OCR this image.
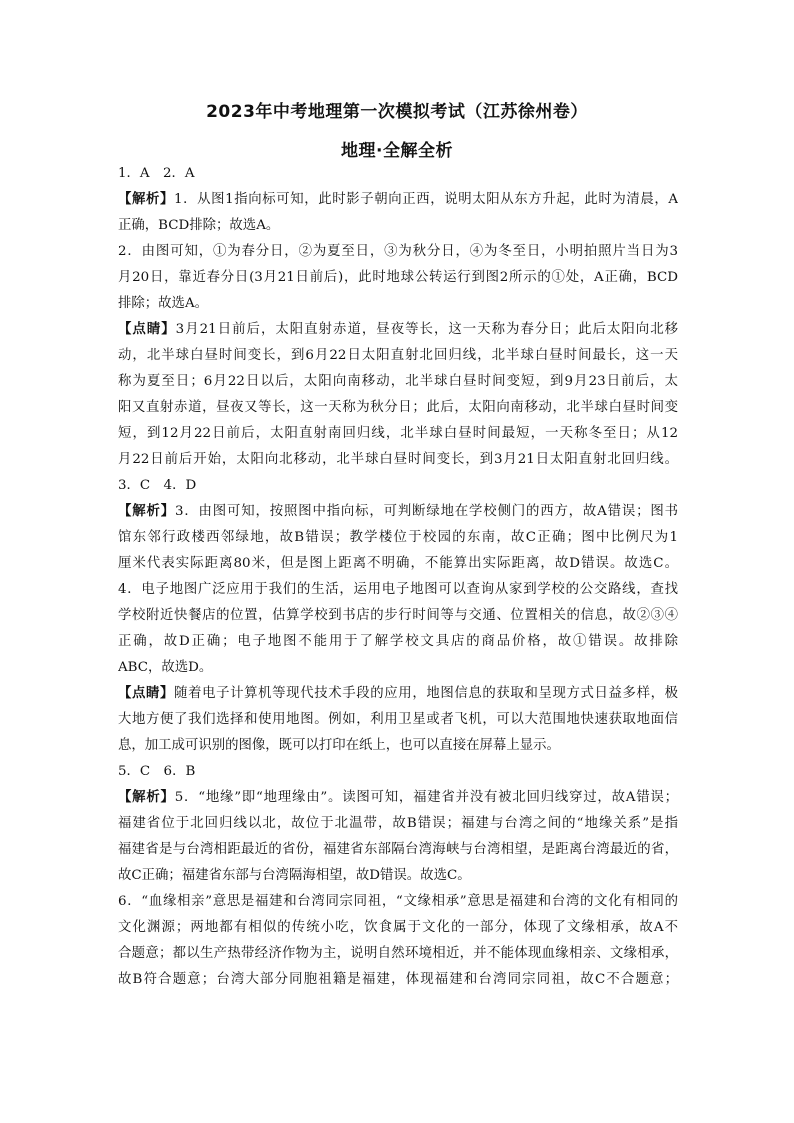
2023年中考地理第一次模拟考试（江苏徐州卷）
地理·全解全析
1．A　2．A
【解析】1．从图1指向标可知，此时影子朝向正西，说明太阳从东方升起，此时为清晨，A
正确，BCD排除；故选A。
2．由图可知，①为春分日，②为夏至日，③为秋分日，④为冬至日，小明拍照片当日为3
月20日，靠近春分日(3月21日前后)，此时地球公转运行到图2所示的①处，A正确，BCD
排除；故选A。
【点睛】3月21日前后，太阳直射赤道，昼夜等长，这一天称为春分日；此后太阳向北移
动，北半球白昼时间变长，到6月22日太阳直射北回归线，北半球白昼时间最长，这一天
称为夏至日；6月22日以后，太阳向南移动，北半球白昼时间变短，到9月23日前后，太
阳又直射赤道，昼夜又等长，这一天称为秋分日；此后，太阳向南移动，北半球白昼时间变
短，到12月22日前后，太阳直射南回归线，北半球白昼时间最短，一天称冬至日；从12
月22日前后开始，太阳向北移动，北半球白昼时间变长，到3月21日太阳直射北回归线。
3．C　4．D
【解析】3．由图可知，按照图中指向标，可判断绿地在学校侧门的西方，故A错误；图书
馆东邻行政楼西邻绿地，故B错误；教学楼位于校园的东南，故C正确；图中比例尺为1
厘米代表实际距离80米，但是图上距离不明确，不能算出实际距离，故D错误。故选C。
4．电子地图广泛应用于我们的生活，运用电子地图可以查询从家到学校的公交路线，查找
学校附近快餐店的位置，估算学校到书店的步行时间等与交通、位置相关的信息，故②③④
正确，故D正确；电子地图不能用于了解学校文具店的商品价格，故①错误。故排除
ABC，故选D。
【点睛】随着电子计算机等现代技术手段的应用，地图信息的获取和呈现方式日益多样，极
大地方便了我们选择和使用地图。例如，利用卫星或者飞机，可以大范围地快速获取地面信
息，加工成可识别的图像，既可以打印在纸上，也可以直接在屏幕上显示。
5．C　6．B
【解析】5．“地缘”即“地理缘由”。读图可知，福建省并没有被北回归线穿过，故A错误；
福建省位于北回归线以北，故位于北温带，故B错误；福建与台湾之间的“地缘关系”是指
福建省是与台湾相距最近的省份，福建省东部隔台湾海峡与台湾相望，是距离台湾最近的省，
故C正确；福建省东部与台湾隔海相望，故D错误。故选C。
6．“血缘相亲”意思是福建和台湾同宗同祖，“文缘相承”意思是福建和台湾的文化有相同的
文化渊源；两地都有相似的传统小吃，饮食属于文化的一部分，体现了文缘相承，故A不
合题意；都以生产热带经济作物为主，说明自然环境相近，并不能体现血缘相亲、文缘相承，
故B符合题意；台湾大部分同胞祖籍是福建，体现福建和台湾同宗同祖，故C不合题意；
